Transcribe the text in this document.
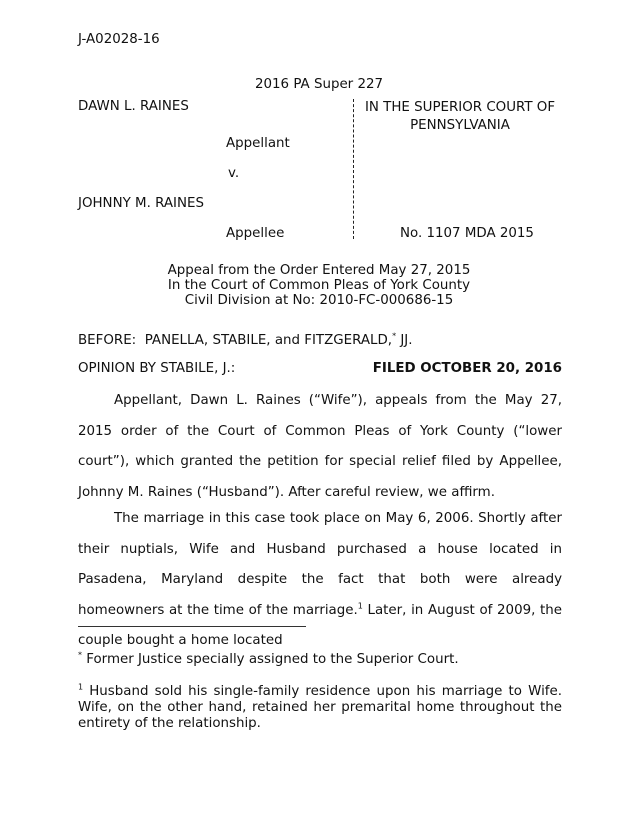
J-A02028-16
2016 PA Super 227
DAWN L. RAINES	IN THE SUPERIOR COURT OF
PENNSYLVANIA
Appellant
v.
JOHNNY M. RAINES
Appellee	No. 1107 MDA 2015
Appeal from the Order Entered May 27, 2015
In the Court of Common Pleas of York County
Civil Division at No: 2010-FC-000686-15
BEFORE: PANELLA, STABILE, and FITZGERALD,* JJ.
OPINION BY STABILE, J.:	FILED OCTOBER 20, 2016
Appellant, Dawn L. Raines (“Wife”), appeals from the May 27, 2015 order of the Court of Common Pleas of York County (“lower court”), which granted the petition for special relief filed by Appellee, Johnny M. Raines (“Husband”). After careful review, we affirm.
The marriage in this case took place on May 6, 2006. Shortly after their nuptials, Wife and Husband purchased a house located in Pasadena, Maryland despite the fact that both were already homeowners at the time of the marriage.$^1$ Later, in August of 2009, the couple bought a home located
* Former Justice specially assigned to the Superior Court.
$^1$ Husband sold his single-family residence upon his marriage to Wife. Wife, on the other hand, retained her premarital home throughout the entirety of the relationship.
